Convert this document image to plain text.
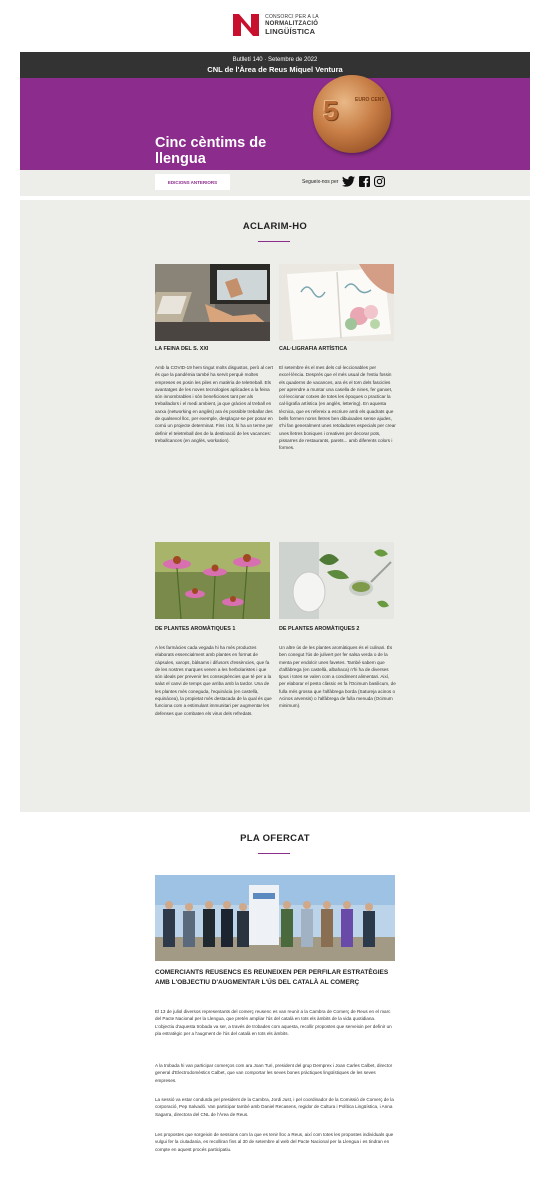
CONSORCI PER A LA
NORMALITZACIÓ
LINGÜÍSTICA
Butlletí 140 · Setembre de 2022
CNL de l'Àrea de Reus Miquel Ventura
5	EURO CENT
Cinc cèntims de llengua
EDICIONS ANTERIORS	Segueix-nos per
ACLARIM-HO
LA FEINA DEL S. XXI
Amb la COVID-19 hem tingut molts disgustos, però al cert és que la pandèmia també ha servit perquè moltes empreses es posin les piles en matèria de teletreball. Els avantatges de les noves tecnologies aplicades a la feina són innombrables i són beneficioses tant per als treballadors i el medi ambient, ja que gràcies al treball en xarxa (networking en anglès) ara és possible treballar des de qualsevol lloc, per exemple, desplaçar-se per posar en comú un projecte determinat. Fins i tot, hi ha un terme per definir el teletreball des de la destinació de les vacances: treballcances (en anglès, workation).
CAL·LIGRAFIA ARTÍSTICA
El setembre és el mes dels col·leccionables per excel·lència. Després que el més usual de l'estiu fossin els quaderns de vacances, ara és el torn dels fascicles per aprendre a muntar una casella de nines, fer ganxet, col·leccionar cotxes de totes les èpoques o practicar la cal·ligrafia artística (en anglès, lettering). En aquesta tècnica, que es refereix a escriure amb els quadrats que bells formen noms lletres ben dibuixades sense ajudes, s'hi fan generalment unes retoladores especials per crear unes lletres boniques i creatives per decorar pots, pissarres de restaurants, parets... amb diferents colors i formes.
DE PLANTES AROMÀTIQUES 1
A les farmàcies cada vegada hi ha més productes elaborats essencialment amb plantes en format de càpsules, xarops, bàlsams i difusors d'essències, que fa de les nostres marques venen a les herbolaristes i que són ideals per prevenir les conseqüències que té per a la salut el canvi de temps que arriba amb la tardor. Una de les plantes més coneguda, l'equinàcia (en castellà, equinácea), la propietat més destacada de la qual és que funciona com a estimulant immunitari per augmentar les defenses que combaten els virus dels refredats.
DE PLANTES AROMÀTIQUES 2
Un altre ús de les plantes aromàtiques és el culinari. És ben conegut l'ús de julivert per fer salsa verda o de la menta per endolcir unes favetes. També sabem que d'alfàbrega (en castellà, albahaca) n'hi ha de diverses tipus i totes se valen com a condiment alimentari. Així, per elaborar el pesto clàssic es fa l'Ocimum basilicum, de fulla més grossa que l'alfàbrega borda (Satureja acinos o Acinos arvensis) o l'alfàbrega de fulla menuda (Ocimum minimum).
PLA OFERCAT
COMERCIANTS REUSENCS ES REUNEIXEN PER PERFILAR ESTRATÈGIES AMB L'OBJECTIU D'AUGMENTAR L'ÚS DEL CATALÀ AL COMERÇ
El 13 de juliol diversos representants del comerç reusenc es van reunir a la Cambra de Comerç de Reus en el marc del Pacte Nacional per la Llengua, que pretén ampliar l'ús del català en tots els àmbits de la vida quotidiana. L'objectiu d'aquesta trobada va ser, a través de trobades com aquesta, recollir propostes que serveixin per definir un pla estratègic per a l'augment de l'ús del català en tots els àmbits.
A la trobada hi van participar comerços com ara Joan Turi, president del grup Demprex i Joan Carles Calbet, director general d'Electrodomèstics Calbet, que van comportar les seves bones pràctiques lingüístiques de les seves empreses.
La sessió va estar conduïda pel president de la Cambra, Jordi Just, i pel coordinador de la Comissió de Comerç de la corporació, Pep Salvadó. Van participar també amb Daniel Recasens, regidor de Cultura i Política Lingüística, i Anna Sagarra, directora del CNL de l'Àrea de Reus.
Les propostes que sorgeixin de sessions com la que es tenir lloc a Reus, així com totes les propostes individuals que vulgui fer la ciutadania, es recolliran fins al 30 de setembre al web del Pacte Nacional per la Llengua i es tindran en compte en aquest procés participatiu.
